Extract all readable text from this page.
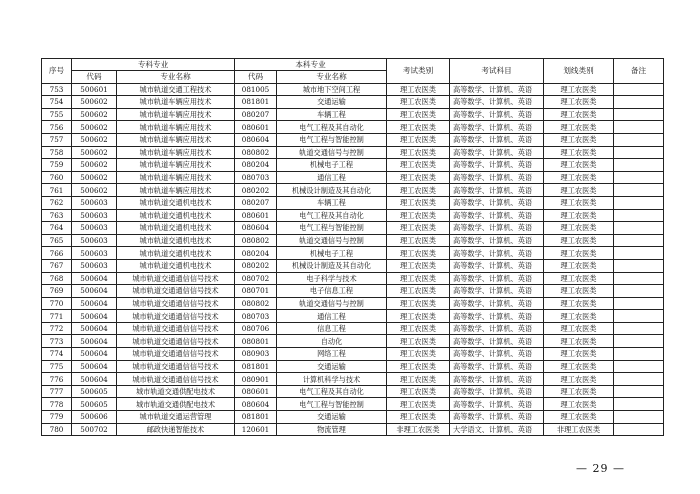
序号	专科专业		本科专业		考试类别	考试科目	划线类别	备注
	代码	专业名称	代码	专业名称				
753	500601	城市轨道交通工程技术	081005	城市地下空间工程	理工农医类	高等数学、计算机、英语	理工农医类	
754	500602	城市轨道车辆应用技术	081801	交通运输	理工农医类	高等数学、计算机、英语	理工农医类	
755	500602	城市轨道车辆应用技术	080207	车辆工程	理工农医类	高等数学、计算机、英语	理工农医类	
756	500602	城市轨道车辆应用技术	080601	电气工程及其自动化	理工农医类	高等数学、计算机、英语	理工农医类	
757	500602	城市轨道车辆应用技术	080604	电气工程与智能控制	理工农医类	高等数学、计算机、英语	理工农医类	
758	500602	城市轨道车辆应用技术	080802	轨道交通信号与控制	理工农医类	高等数学、计算机、英语	理工农医类	
759	500602	城市轨道车辆应用技术	080204	机械电子工程	理工农医类	高等数学、计算机、英语	理工农医类	
760	500602	城市轨道车辆应用技术	080703	通信工程	理工农医类	高等数学、计算机、英语	理工农医类	
761	500602	城市轨道车辆应用技术	080202	机械设计制造及其自动化	理工农医类	高等数学、计算机、英语	理工农医类	
762	500603	城市轨道交通机电技术	080207	车辆工程	理工农医类	高等数学、计算机、英语	理工农医类	
763	500603	城市轨道交通机电技术	080601	电气工程及其自动化	理工农医类	高等数学、计算机、英语	理工农医类	
764	500603	城市轨道交通机电技术	080604	电气工程与智能控制	理工农医类	高等数学、计算机、英语	理工农医类	
765	500603	城市轨道交通机电技术	080802	轨道交通信号与控制	理工农医类	高等数学、计算机、英语	理工农医类	
766	500603	城市轨道交通机电技术	080204	机械电子工程	理工农医类	高等数学、计算机、英语	理工农医类	
767	500603	城市轨道交通机电技术	080202	机械设计制造及其自动化	理工农医类	高等数学、计算机、英语	理工农医类	
768	500604	城市轨道交通通信信号技术	080702	电子科学与技术	理工农医类	高等数学、计算机、英语	理工农医类	
769	500604	城市轨道交通通信信号技术	080701	电子信息工程	理工农医类	高等数学、计算机、英语	理工农医类	
770	500604	城市轨道交通通信信号技术	080802	轨道交通信号与控制	理工农医类	高等数学、计算机、英语	理工农医类	
771	500604	城市轨道交通通信信号技术	080703	通信工程	理工农医类	高等数学、计算机、英语	理工农医类	
772	500604	城市轨道交通通信信号技术	080706	信息工程	理工农医类	高等数学、计算机、英语	理工农医类	
773	500604	城市轨道交通通信信号技术	080801	自动化	理工农医类	高等数学、计算机、英语	理工农医类	
774	500604	城市轨道交通通信信号技术	080903	网络工程	理工农医类	高等数学、计算机、英语	理工农医类	
775	500604	城市轨道交通通信信号技术	081801	交通运输	理工农医类	高等数学、计算机、英语	理工农医类	
776	500604	城市轨道交通通信信号技术	080901	计算机科学与技术	理工农医类	高等数学、计算机、英语	理工农医类	
777	500605	城市轨道交通供配电技术	080601	电气工程及其自动化	理工农医类	高等数学、计算机、英语	理工农医类	
778	500605	城市轨道交通供配电技术	080604	电气工程与智能控制	理工农医类	高等数学、计算机、英语	理工农医类	
779	500606	城市轨道交通运营管理	081801	交通运输	理工农医类	高等数学、计算机、英语	理工农医类	
780	500702	邮政快递智能技术	120601	物流管理	非理工农医类	大学语文、计算机、英语	非理工农医类	
— 29 —
